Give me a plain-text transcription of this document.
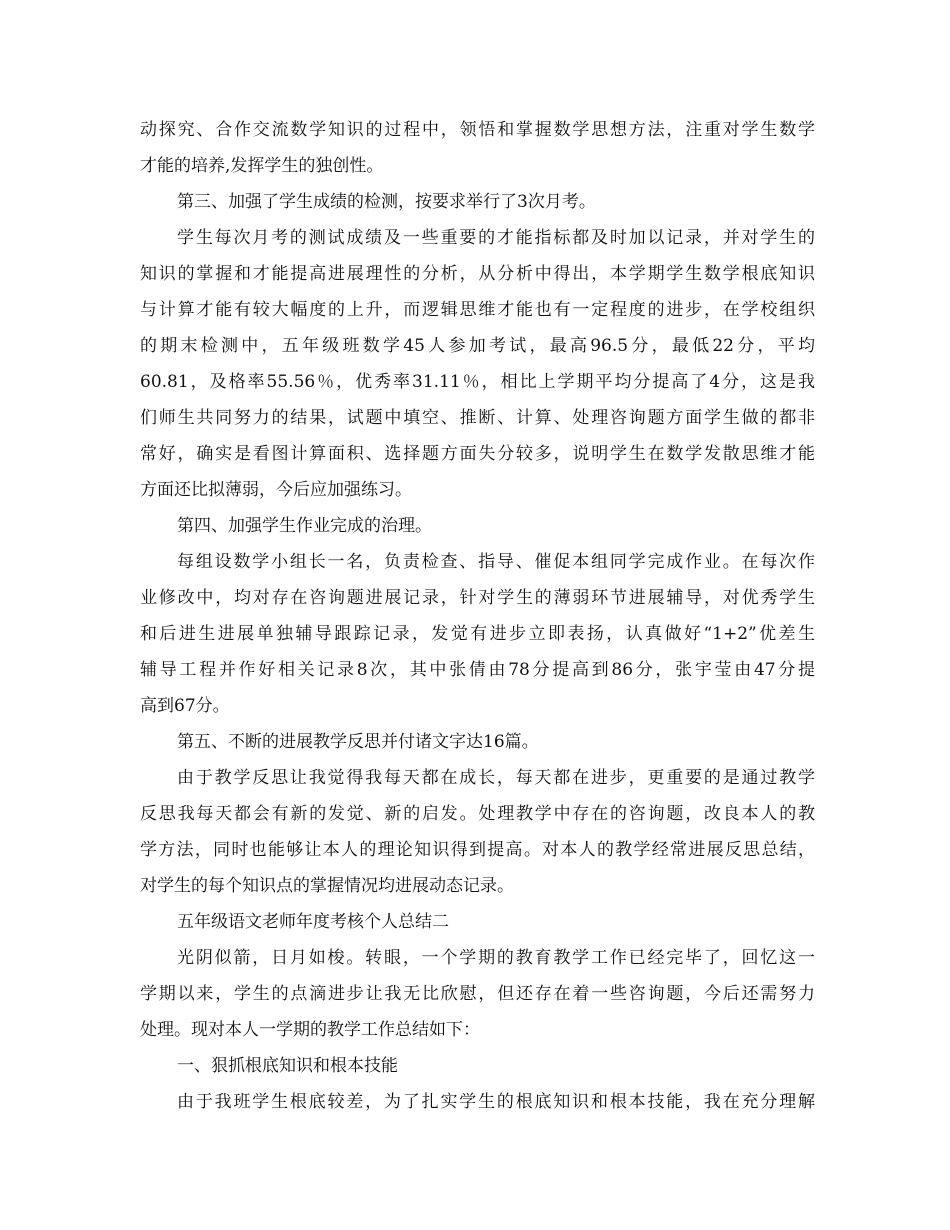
动探究、合作交流数学知识的过程中，领悟和掌握数学思想方法，注重对学生数学
才能的培养,发挥学生的独创性。
第三、加强了学生成绩的检测，按要求举行了3次月考。
学生每次月考的测试成绩及一些重要的才能指标都及时加以记录，并对学生的
知识的掌握和才能提高进展理性的分析，从分析中得出，本学期学生数学根底知识
与计算才能有较大幅度的上升，而逻辑思维才能也有一定程度的进步，在学校组织
的期末检测中，五年级班数学45人参加考试，最高96.5分，最低22分，平均
60.81，及格率55.56％，优秀率31.11％，相比上学期平均分提高了4分，这是我
们师生共同努力的结果，试题中填空、推断、计算、处理咨询题方面学生做的都非
常好，确实是看图计算面积、选择题方面失分较多，说明学生在数学发散思维才能
方面还比拟薄弱，今后应加强练习。
第四、加强学生作业完成的治理。
每组设数学小组长一名，负责检查、指导、催促本组同学完成作业。在每次作
业修改中，均对存在咨询题进展记录，针对学生的薄弱环节进展辅导，对优秀学生
和后进生进展单独辅导跟踪记录，发觉有进步立即表扬，认真做好“1+2”优差生
辅导工程并作好相关记录8次，其中张倩由78分提高到86分，张宇莹由47分提
高到67分。
第五、不断的进展教学反思并付诸文字达16篇。
由于教学反思让我觉得我每天都在成长，每天都在进步，更重要的是通过教学
反思我每天都会有新的发觉、新的启发。处理教学中存在的咨询题，改良本人的教
学方法，同时也能够让本人的理论知识得到提高。对本人的教学经常进展反思总结，
对学生的每个知识点的掌握情况均进展动态记录。
五年级语文老师年度考核个人总结二
光阴似箭，日月如梭。转眼，一个学期的教育教学工作已经完毕了，回忆这一
学期以来，学生的点滴进步让我无比欣慰，但还存在着一些咨询题，今后还需努力
处理。现对本人一学期的教学工作总结如下：
一、狠抓根底知识和根本技能
由于我班学生根底较差，为了扎实学生的根底知识和根本技能，我在充分理解
